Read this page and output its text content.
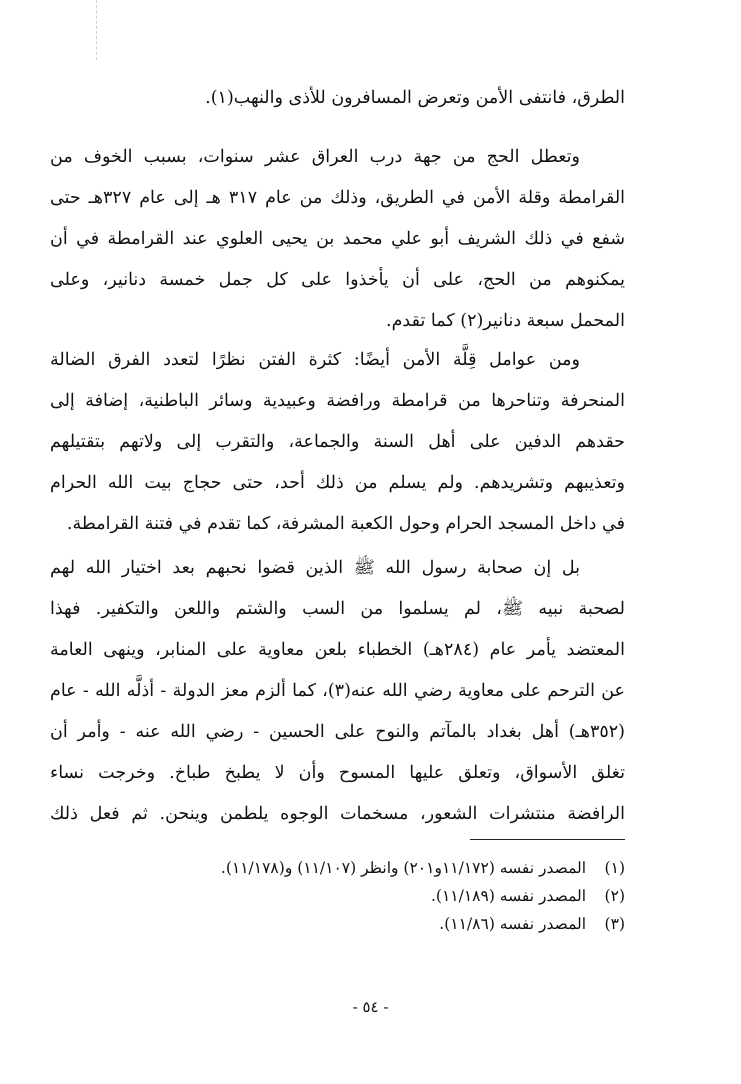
الطرق، فانتفى الأمن وتعرض المسافرون للأذى والنهب(١).
وتعطل الحج من جهة درب العراق عشر سنوات، بسبب الخوف من
القرامطة وقلة الأمن في الطريق، وذلك من عام ٣١٧ هـ إلى عام ٣٢٧هـ حتى
شفع في ذلك الشريف أبو علي محمد بن يحيى العلوي عند القرامطة في أن
يمكنوهم من الحج، على أن يأخذوا على كل جمل خمسة دنانير، وعلى
المحمل سبعة دنانير(٢) كما تقدم.
ومن عوامل قِلَّة الأمن أيضًا: كثرة الفتن نظرًا لتعدد الفرق الضالة
المنحرفة وتناحرها من قرامطة ورافضة وعبيدية وسائر الباطنية، إضافة إلى
حقدهم الدفين على أهل السنة والجماعة، والتقرب إلى ولاتهم بتقتيلهم
وتعذيبهم وتشريدهم. ولم يسلم من ذلك أحد، حتى حجاج بيت الله الحرام
في داخل المسجد الحرام وحول الكعبة المشرفة، كما تقدم في فتنة القرامطة.
بل إن صحابة رسول الله ﷺ الذين قضوا نحبهم بعد اختيار الله لهم
لصحبة نبيه ﷺ، لم يسلموا من السب والشتم واللعن والتكفير. فهذا
المعتضد يأمر عام (٢٨٤هـ) الخطباء بلعن معاوية على المنابر، وينهى العامة
عن الترحم على معاوية رضي الله عنه(٣)، كما ألزم معز الدولة - أذلَّه الله - عام
(٣٥٢هـ) أهل بغداد بالمآتم والنوح على الحسين - رضي الله عنه - وأمر أن
تغلق الأسواق، وتعلق عليها المسوح وأن لا يطبخ طباخ. وخرجت نساء
الرافضة منتشرات الشعور، مسخمات الوجوه يلطمن وينحن. ثم فعل ذلك
(١) المصدر نفسه (١١/١٧٢و٢٠١) وانظر (١١/١٠٧) و(١١/١٧٨).
(٢) المصدر نفسه (١١/١٨٩).
(٣) المصدر نفسه (١١/٨٦).
- ٥٤ -
